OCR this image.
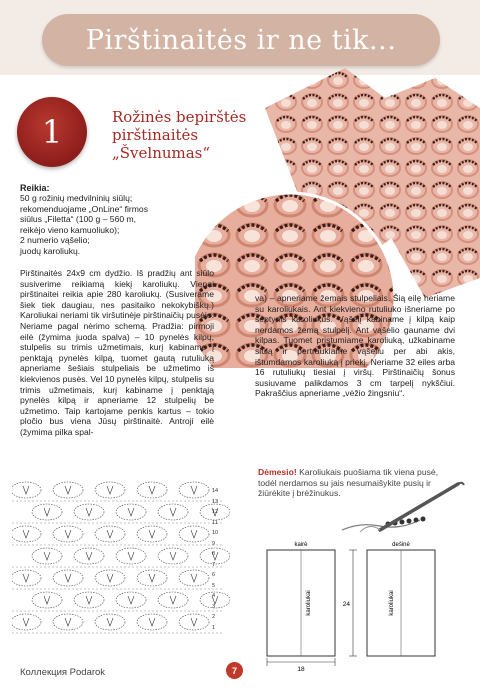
Pirštinaitės ir ne tik...
1	Rožinės bepirštės
pirštinaitės
„Švelnumas“
Reikia:
50 g rožinių medvilninių siūlų;
rekomenduojame „OnLine“ firmos
siūlus „Filetta“ (100 g – 560 m,
reikėjo vieno kamuoliuko);
2 numerio vąšelio;
juodų karoliukų.

Pirštinaitės 24x9 cm dydžio. Iš pradžių ant siūlo susiverime reikiamą kiekį karoliukų. Vienai pirštinaitei reikia apie 280 karoliukų. (Susiverame šiek tiek daugiau, nes pasitaiko nekokybiškų.) Karoliukai neriami tik viršutinėje pirštinaičių pusėje. Neriame pagal nėrimo schemą. Pradžia: pirmoji eilė (žymima juoda spalva) – 10 pynelės kilpų, stulpelis su trimis užmetimais, kurį kabiname į penktąją pynelės kilpą, tuomet gautą rutuliuką apneriame šešiais stulpeliais be užmetimo iš kiekvienos pusės. Vel 10 pynelės kilpų, stulpelis su trimis užmetimais, kurį kabiname į penktąją pynelės kilpą ir apneriame 12 stulpelių be užmetimo. Taip kartojame penkis kartus – tokio pločio bus viena Jūsų pirštinaitė. Antroji eilė (žymima pilka spal-

va) – apneriame žemais stulpeliais. Šią eilę neriame su karoliukais. Ant kiekvieno rutuliuko išneriame po septynis karoliukus. Vąšelį kabiname į kilpą kaip nerdamos žemą stulpelį. Ant vąšelio gauname dvi kilpas. Tuomet pristumiame karoliuką, užkabiname siūlą ir pertraukiame vąšeliu per abi akis, ištumdamos karoliuką į priekį. Neriame 32 eiles arba 16 rutuliukų tiesiai į viršų. Pirštinaičių šonus susiuvame palikdamos 3 cm tarpelį nykščiui. Pakraščius apneriame „vėžio žingsniu“.

Dėmesio! Karoliukais puošiama tik viena pusė, todėl nerdamos su jais nesumaišykite pusių ir žiūrėkite į brėžinukus.

14
13
12
11
10
9
8
7
6
5
4
3
2
1
kairė	dešinė
karoliukai	karoliukai
24
18
Коллекция Podarok	7
